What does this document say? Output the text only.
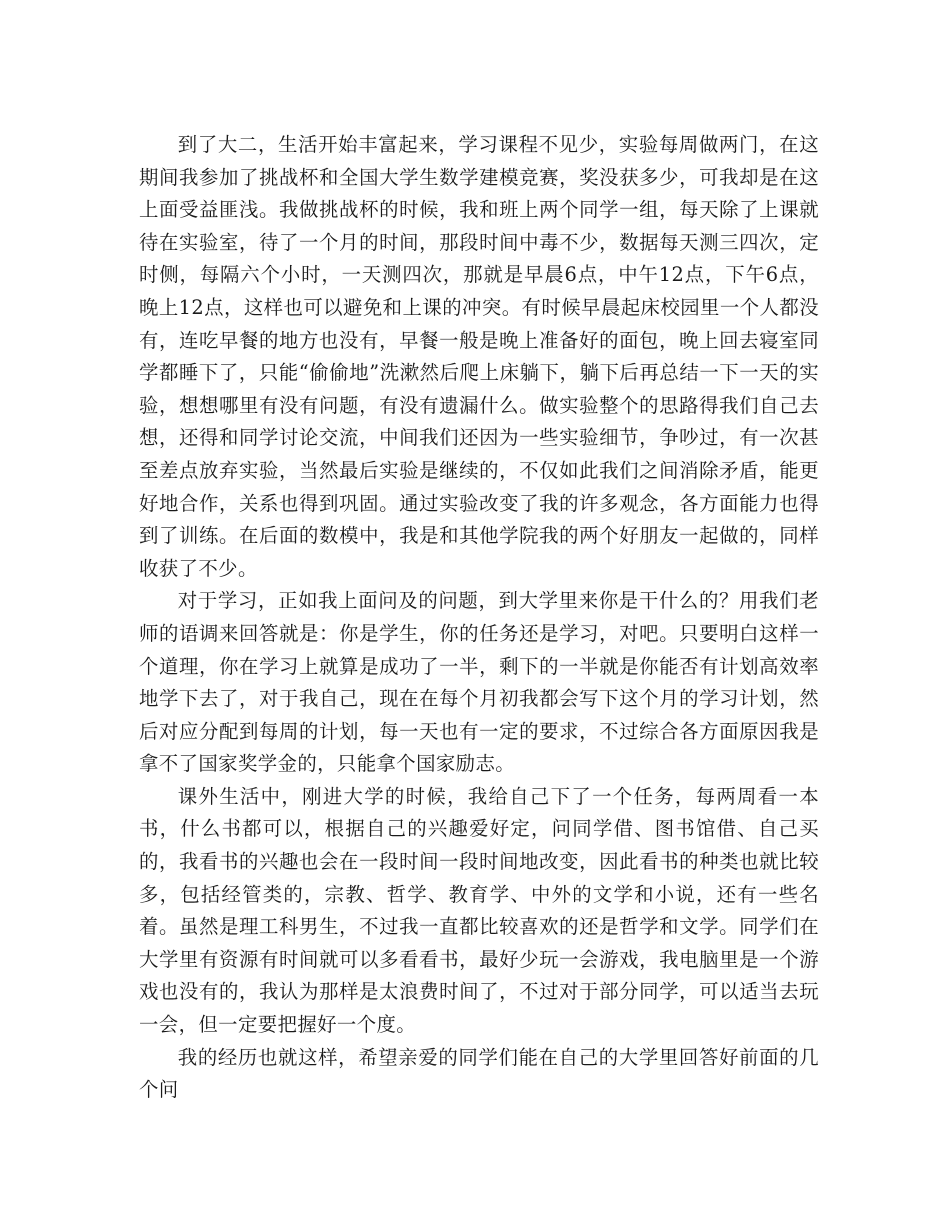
到了大二，生活开始丰富起来，学习课程不见少，实验每周做两门，在这期间我参加了挑战杯和全国大学生数学建模竞赛，奖没获多少，可我却是在这上面受益匪浅。我做挑战杯的时候，我和班上两个同学一组，每天除了上课就待在实验室，待了一个月的时间，那段时间中毒不少，数据每天测三四次，定时侧，每隔六个小时，一天测四次，那就是早晨6点，中午12点，下午6点，晚上12点，这样也可以避免和上课的冲突。有时候早晨起床校园里一个人都没有，连吃早餐的地方也没有，早餐一般是晚上准备好的面包，晚上回去寝室同学都睡下了，只能“偷偷地”洗漱然后爬上床躺下，躺下后再总结一下一天的实验，想想哪里有没有问题，有没有遗漏什么。做实验整个的思路得我们自己去想，还得和同学讨论交流，中间我们还因为一些实验细节，争吵过，有一次甚至差点放弃实验，当然最后实验是继续的，不仅如此我们之间消除矛盾，能更好地合作，关系也得到巩固。通过实验改变了我的许多观念，各方面能力也得到了训练。在后面的数模中，我是和其他学院我的两个好朋友一起做的，同样收获了不少。

对于学习，正如我上面问及的问题，到大学里来你是干什么的？用我们老师的语调来回答就是：你是学生，你的任务还是学习，对吧。只要明白这样一个道理，你在学习上就算是成功了一半，剩下的一半就是你能否有计划高效率地学下去了，对于我自己，现在在每个月初我都会写下这个月的学习计划，然后对应分配到每周的计划，每一天也有一定的要求，不过综合各方面原因我是拿不了国家奖学金的，只能拿个国家励志。

课外生活中，刚进大学的时候，我给自己下了一个任务，每两周看一本书，什么书都可以，根据自己的兴趣爱好定，问同学借、图书馆借、自己买的，我看书的兴趣也会在一段时间一段时间地改变，因此看书的种类也就比较多，包括经管类的，宗教、哲学、教育学、中外的文学和小说，还有一些名着。虽然是理工科男生，不过我一直都比较喜欢的还是哲学和文学。同学们在大学里有资源有时间就可以多看看书，最好少玩一会游戏，我电脑里是一个游戏也没有的，我认为那样是太浪费时间了，不过对于部分同学，可以适当去玩一会，但一定要把握好一个度。

我的经历也就这样，希望亲爱的同学们能在自己的大学里回答好前面的几个问
